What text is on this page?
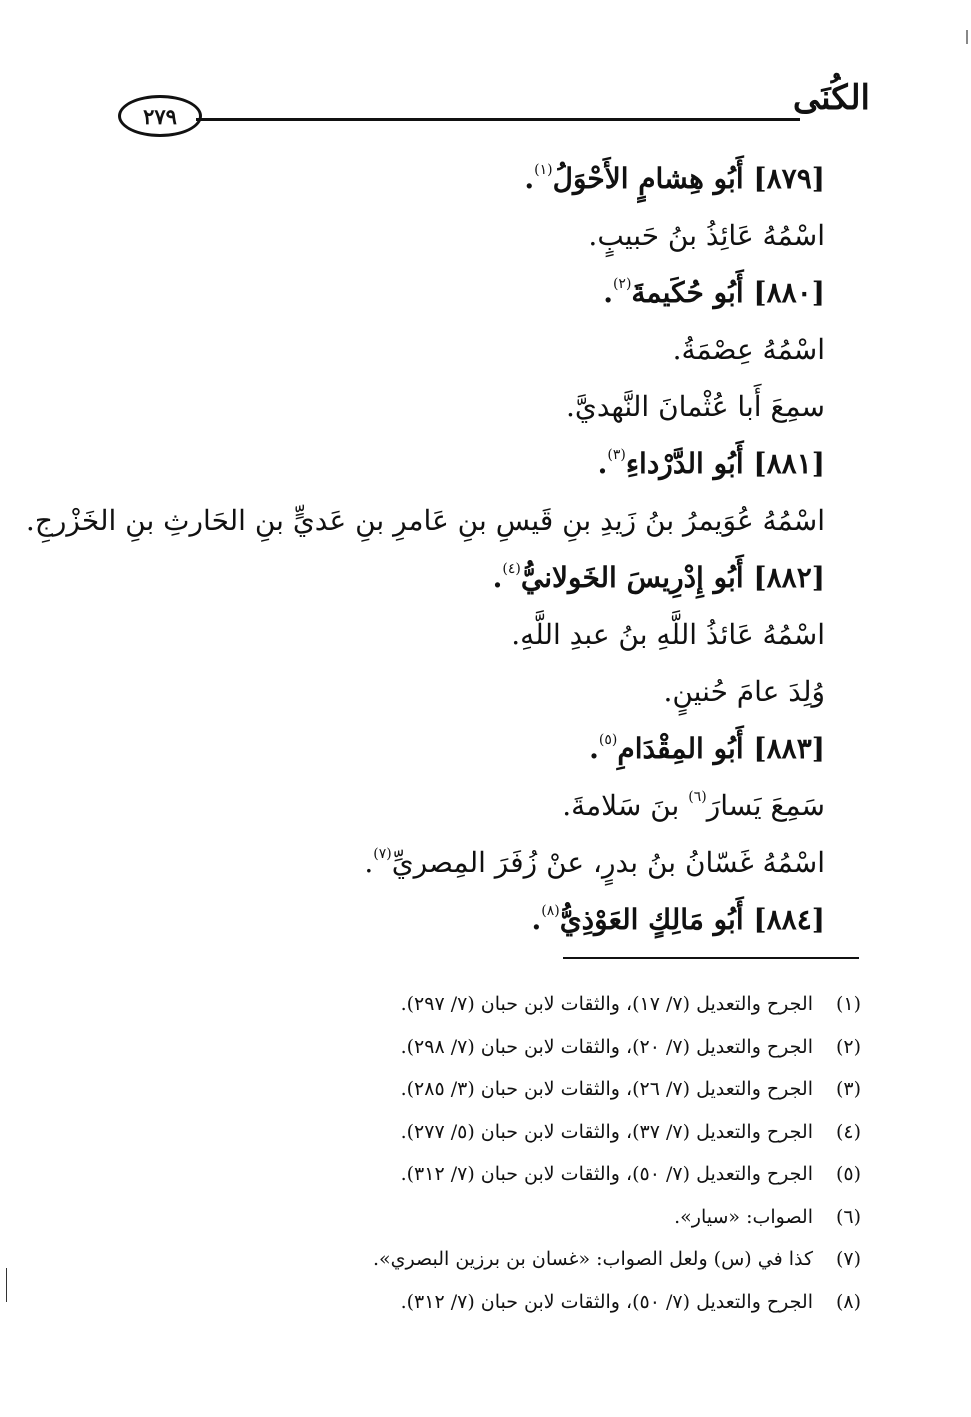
الكُنَى
٢٧٩
[٨٧٩] أَبُو هِشامٍ الأَحْوَلُ$^{(١)}$.
اسْمُهُ عَائِذُ بنُ حَبيبٍ.
[٨٨٠] أَبُو حُكَيمةَ$^{(٢)}$.
اسْمُهُ عِصْمَةُ.
سمِعَ أَبا عُثْمانَ النَّهديَّ.
[٨٨١] أَبُو الدَّرْداءِ$^{(٣)}$.
اسْمُهُ عُوَيمرُ بنُ زَيدِ بنِ قَيسِ بنِ عَامرِ بنِ عَديٍّ بنِ الحَارثِ بنِ الخَزْرجِ.
[٨٨٢] أَبُو إِدْرِيسَ الخَولانيُّ$^{(٤)}$.
اسْمُهُ عَائذُ اللَّهِ بنُ عبدِ اللَّهِ.
وُلِدَ عامَ حُنينٍ.
[٨٨٣] أَبُو المِقْدَامِ$^{(٥)}$.
سَمِعَ يَسارَ$^{(٦)}$ بنَ سَلامةَ.
اسْمُهُ غَسّانُ بنُ بدرٍ، عنْ زُفَرَ المِصريِّ$^{(٧)}$.
[٨٨٤] أَبُو مَالِكٍ العَوْذِيُّ$^{(٨)}$.
(١)الجرح والتعديل (٧/ ١٧)، والثقات لابن حبان (٧/ ٢٩٧).
(٢)الجرح والتعديل (٧/ ٢٠)، والثقات لابن حبان (٧/ ٢٩٨).
(٣)الجرح والتعديل (٧/ ٢٦)، والثقات لابن حبان (٣/ ٢٨٥).
(٤)الجرح والتعديل (٧/ ٣٧)، والثقات لابن حبان (٥/ ٢٧٧).
(٥)الجرح والتعديل (٧/ ٥٠)، والثقات لابن حبان (٧/ ٣١٢).
(٦)الصواب: «سيار».
(٧)كذا في (س) ولعل الصواب: «غسان بن برزين البصري».
(٨)الجرح والتعديل (٧/ ٥٠)، والثقات لابن حبان (٧/ ٣١٢).
